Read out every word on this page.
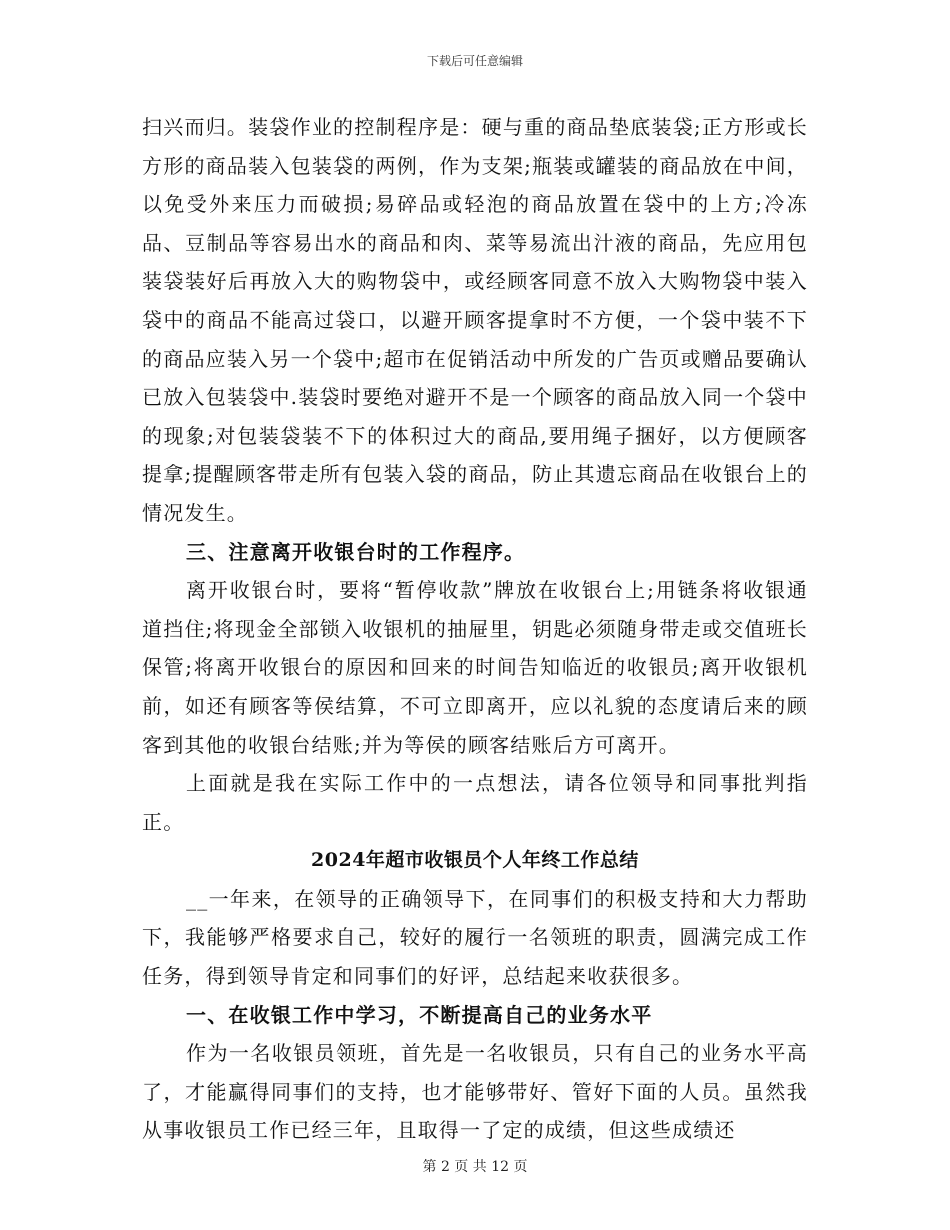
下载后可任意编辑

扫兴而归。装袋作业的控制程序是：硬与重的商品垫底装袋;正方形或长方形的商品装入包装袋的两例，作为支架;瓶装或罐装的商品放在中间，以免受外来压力而破损;易碎品或轻泡的商品放置在袋中的上方;冷冻品、豆制品等容易出水的商品和肉、菜等易流出汁液的商品，先应用包装袋装好后再放入大的购物袋中，或经顾客同意不放入大购物袋中装入袋中的商品不能高过袋口，以避开顾客提拿时不方便，一个袋中装不下的商品应装入另一个袋中;超市在促销活动中所发的广告页或赠品要确认已放入包装袋中.装袋时要绝对避开不是一个顾客的商品放入同一个袋中的现象;对包装袋装不下的体积过大的商品,要用绳子捆好，以方便顾客提拿;提醒顾客带走所有包装入袋的商品，防止其遗忘商品在收银台上的情况发生。

三、注意离开收银台时的工作程序。

离开收银台时，要将“暂停收款”牌放在收银台上;用链条将收银通道挡住;将现金全部锁入收银机的抽屉里，钥匙必须随身带走或交值班长保管;将离开收银台的原因和回来的时间告知临近的收银员;离开收银机前，如还有顾客等侯结算，不可立即离开，应以礼貌的态度请后来的顾客到其他的收银台结账;并为等侯的顾客结账后方可离开。

上面就是我在实际工作中的一点想法，请各位领导和同事批判指正。

2024年超市收银员个人年终工作总结

__一年来，在领导的正确领导下，在同事们的积极支持和大力帮助下，我能够严格要求自己，较好的履行一名领班的职责，圆满完成工作任务，得到领导肯定和同事们的好评，总结起来收获很多。

一、在收银工作中学习，不断提高自己的业务水平

作为一名收银员领班，首先是一名收银员，只有自己的业务水平高了，才能赢得同事们的支持，也才能够带好、管好下面的人员。虽然我从事收银员工作已经三年，且取得一了定的成绩，但这些成绩还

第 2 页 共 12 页
